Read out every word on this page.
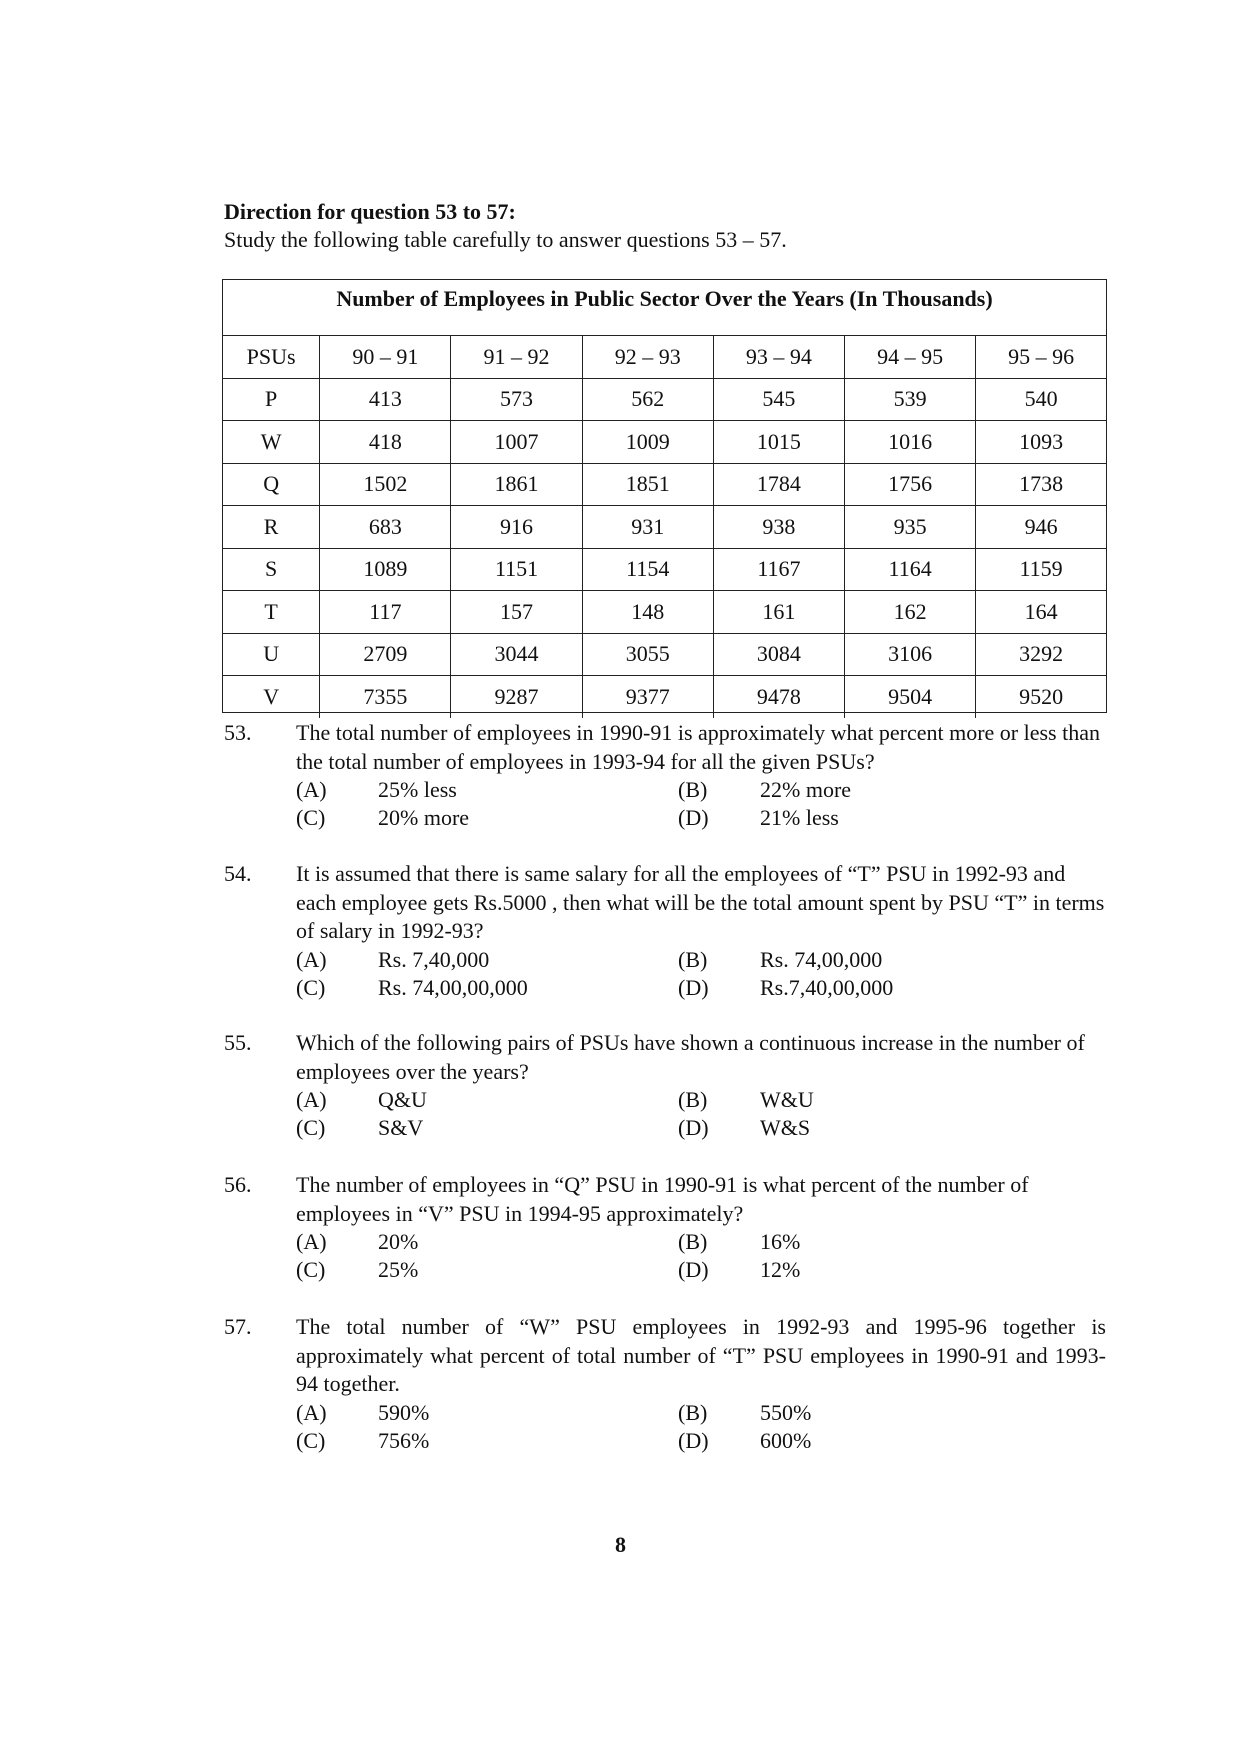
Direction for question 53 to 57:
Study the following table carefully to answer questions 53 – 57.
Number of Employees in Public Sector Over the Years (In Thousands)
PSUs	90 – 91	91 – 92	92 – 93	93 – 94	94 – 95	95 – 96
P	413	573	562	545	539	540
W	418	1007	1009	1015	1016	1093
Q	1502	1861	1851	1784	1756	1738
R	683	916	931	938	935	946
S	1089	1151	1154	1167	1164	1159
T	117	157	148	161	162	164
U	2709	3044	3055	3084	3106	3292
V	7355	9287	9377	9478	9504	9520
53. The total number of employees in 1990-91 is approximately what percent more or less than the total number of employees in 1993-94 for all the given PSUs?
(A) 25% less	(B) 22% more
(C) 20% more	(D) 21% less
54. It is assumed that there is same salary for all the employees of “T” PSU in 1992-93 and each employee gets Rs.5000 , then what will be the total amount spent by PSU “T” in terms of salary in 1992-93?
(A) Rs. 7,40,000	(B) Rs. 74,00,000
(C) Rs. 74,00,00,000	(D) Rs.7,40,00,000
55. Which of the following pairs of PSUs have shown a continuous increase in the number of employees over the years?
(A) Q&U	(B) W&U
(C) S&V	(D) W&S
56. The number of employees in “Q” PSU in 1990-91 is what percent of the number of employees in “V” PSU in 1994-95 approximately?
(A) 20%	(B) 16%
(C) 25%	(D) 12%
57. The total number of “W” PSU employees in 1992-93 and 1995-96 together is approximately what percent of total number of “T” PSU employees in 1990-91 and 1993-94 together.
(A) 590%	(B) 550%
(C) 756%	(D) 600%
8
